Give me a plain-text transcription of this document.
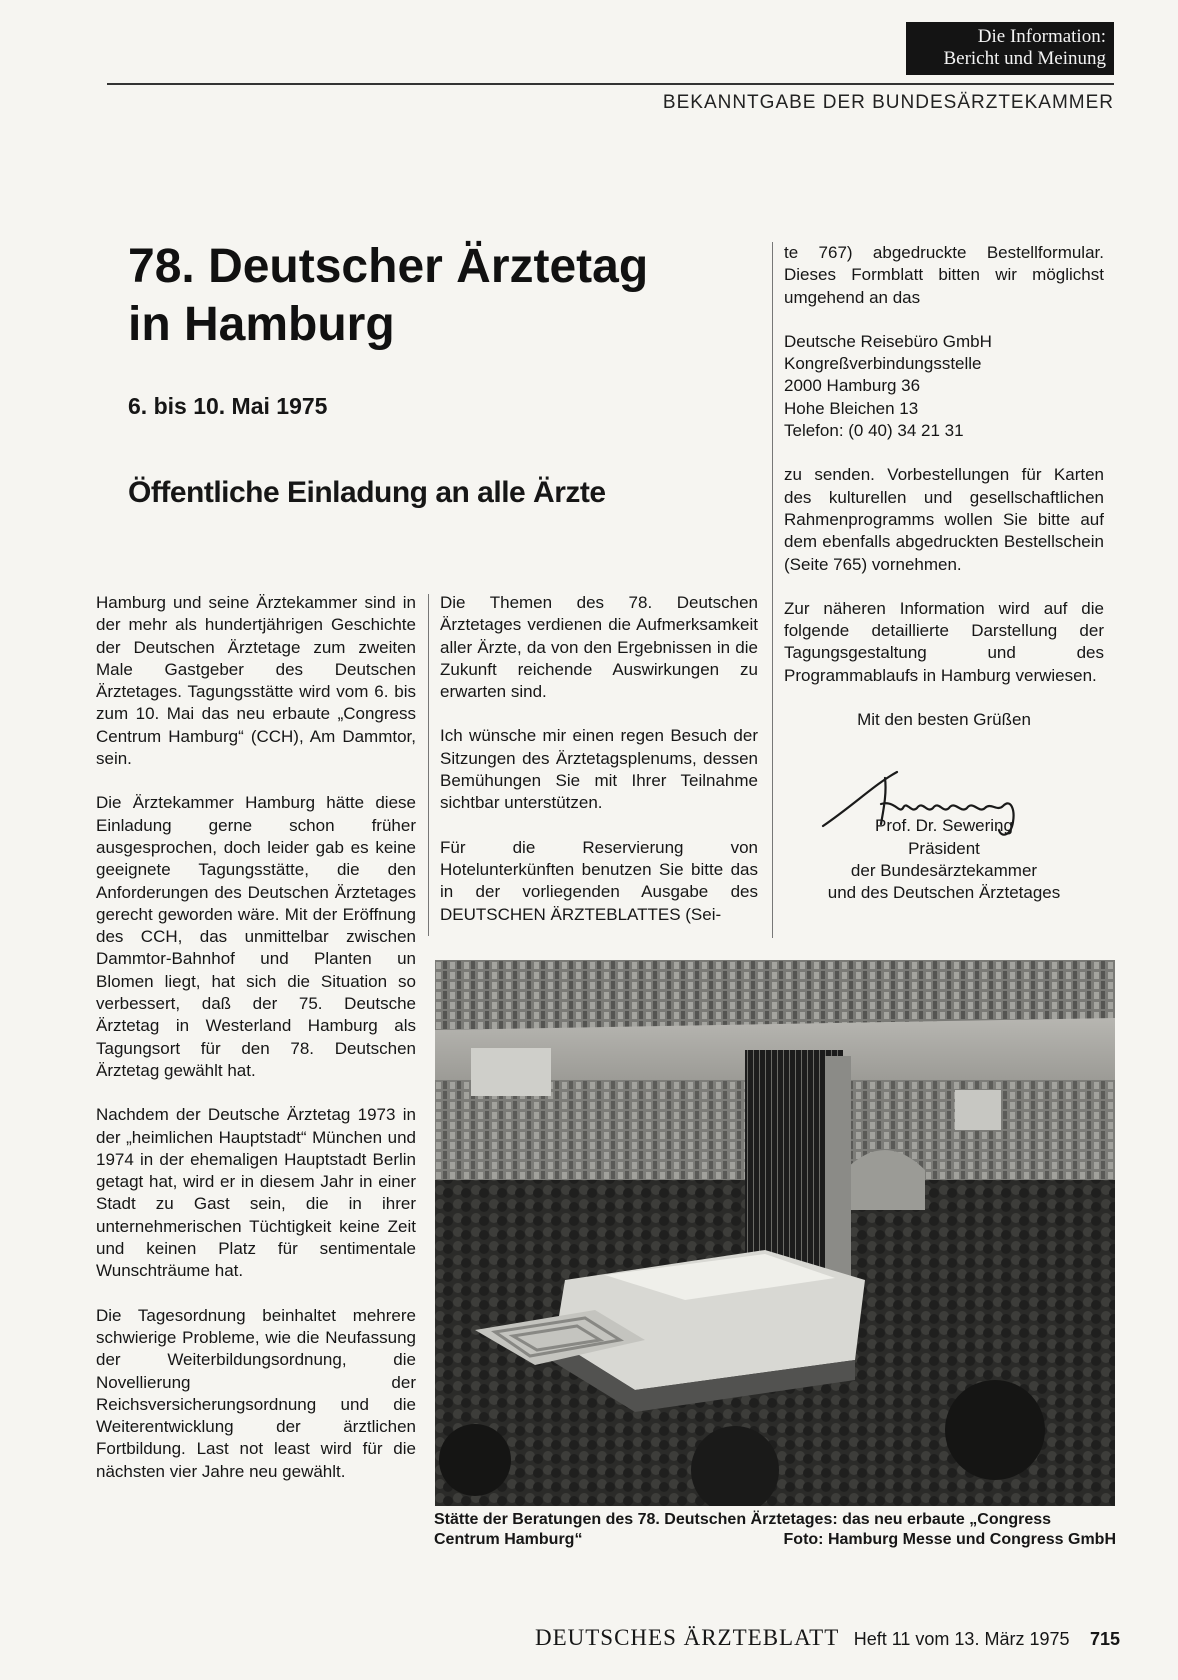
Die Information:
Bericht und Meinung
BEKANNTGABE DER BUNDESÄRZTEKAMMER
78. Deutscher Ärztetag
in Hamburg
6. bis 10. Mai 1975
Öffentliche Einladung an alle Ärzte

Hamburg und seine Ärztekammer sind in der mehr als hundertjährigen Geschichte der Deutschen Ärztetage zum zweiten Male Gastgeber des Deutschen Ärztetages. Tagungsstätte wird vom 6. bis zum 10. Mai das neu erbaute „Congress Centrum Hamburg“ (CCH), Am Dammtor, sein.

Die Ärztekammer Hamburg hätte diese Einladung gerne schon früher ausgesprochen, doch leider gab es keine geeignete Tagungsstätte, die den Anforderungen des Deutschen Ärztetages gerecht geworden wäre. Mit der Eröffnung des CCH, das unmittelbar zwischen Dammtor-Bahnhof und Planten un Blomen liegt, hat sich die Situation so verbessert, daß der 75. Deutsche Ärztetag in Westerland Hamburg als Tagungsort für den 78. Deutschen Ärztetag gewählt hat.

Nachdem der Deutsche Ärztetag 1973 in der „heimlichen Hauptstadt“ München und 1974 in der ehemaligen Hauptstadt Berlin getagt hat, wird er in diesem Jahr in einer Stadt zu Gast sein, die in ihrer unternehmerischen Tüchtigkeit keine Zeit und keinen Platz für sentimentale Wunschträume hat.

Die Tagesordnung beinhaltet mehrere schwierige Probleme, wie die Neufassung der Weiterbildungsordnung, die Novellierung der Reichsversicherungsordnung und die Weiterentwicklung der ärztlichen Fortbildung. Last not least wird für die nächsten vier Jahre neu gewählt.

Die Themen des 78. Deutschen Ärztetages verdienen die Aufmerksamkeit aller Ärzte, da von den Ergebnissen in die Zukunft reichende Auswirkungen zu erwarten sind.

Ich wünsche mir einen regen Besuch der Sitzungen des Ärztetagsplenums, dessen Bemühungen Sie mit Ihrer Teilnahme sichtbar unterstützen.

Für die Reservierung von Hotelunterkünften benutzen Sie bitte das in der vorliegenden Ausgabe des DEUTSCHEN ÄRZTEBLATTES (Sei-

te 767) abgedruckte Bestellformular. Dieses Formblatt bitten wir möglichst umgehend an das

Deutsche Reisebüro GmbH

Kongreßverbindungsstelle

2000 Hamburg 36

Hohe Bleichen 13

Telefon: (0 40) 34 21 31

zu senden. Vorbestellungen für Karten des kulturellen und gesellschaftlichen Rahmenprogramms wollen Sie bitte auf dem ebenfalls abgedruckten Bestellschein (Seite 765) vornehmen.

Zur näheren Information wird auf die folgende detaillierte Darstellung der Tagungsgestaltung und des Programmablaufs in Hamburg verwiesen.

Mit den besten Grüßen
Prof. Dr. Sewering
Präsident
der Bundesärztekammer
und des Deutschen Ärztetages
Stätte der Beratungen des 78. Deutschen Ärztetages: das neu erbaute „Congress
Centrum Hamburg“	Foto: Hamburg Messe und Congress GmbH
DEUTSCHES ÄRZTEBLATT Heft 11 vom 13. März 1975 715
